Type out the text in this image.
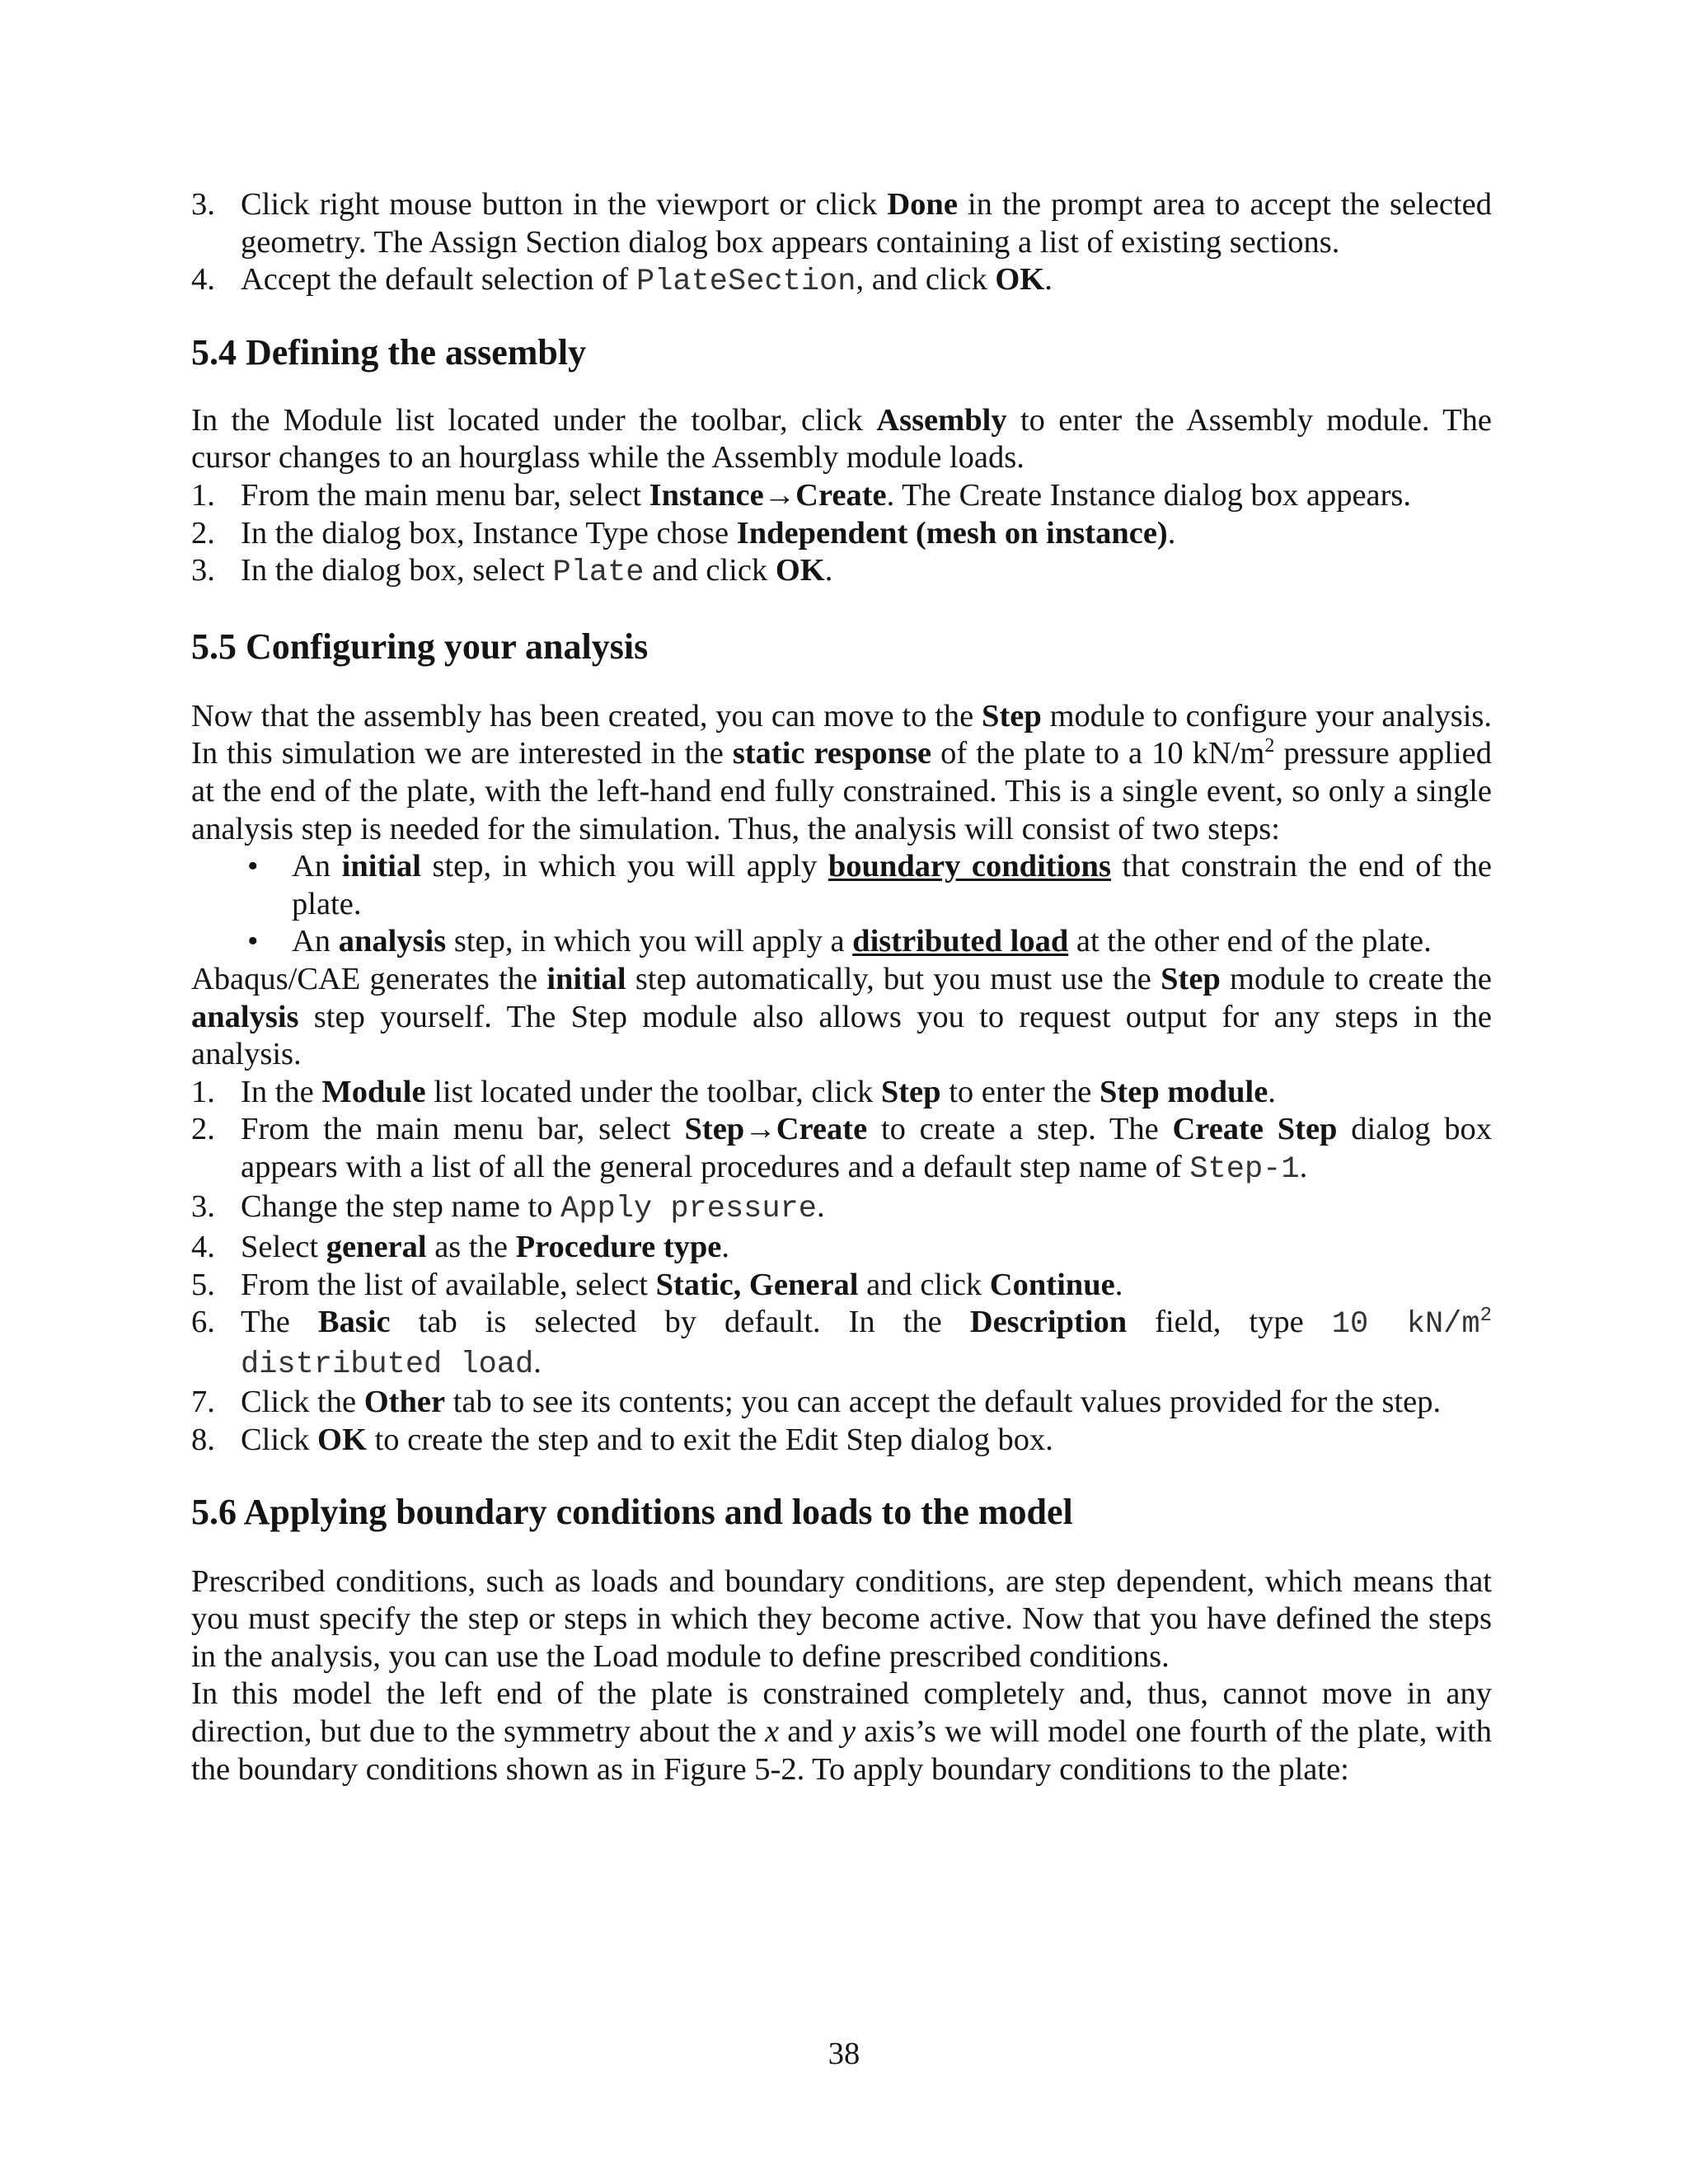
3. Click right mouse button in the viewport or click Done in the prompt area to accept the selected geometry. The Assign Section dialog box appears containing a list of existing sections.
4. Accept the default selection of PlateSection, and click OK.
5.4 Defining the assembly
In the Module list located under the toolbar, click Assembly to enter the Assembly module. The cursor changes to an hourglass while the Assembly module loads.
1. From the main menu bar, select Instance→Create. The Create Instance dialog box appears.
2. In the dialog box, Instance Type chose Independent (mesh on instance).
3. In the dialog box, select Plate and click OK.
5.5 Configuring your analysis
Now that the assembly has been created, you can move to the Step module to configure your analysis. In this simulation we are interested in the static response of the plate to a 10 $kN/m^2$ pressure applied at the end of the plate, with the left-hand end fully constrained. This is a single event, so only a single analysis step is needed for the simulation. Thus, the analysis will consist of two steps:
• An initial step, in which you will apply boundary conditions that constrain the end of the plate.
• An analysis step, in which you will apply a distributed load at the other end of the plate.
Abaqus/CAE generates the initial step automatically, but you must use the Step module to create the analysis step yourself. The Step module also allows you to request output for any steps in the analysis.
1. In the Module list located under the toolbar, click Step to enter the Step module.
2. From the main menu bar, select Step→Create to create a step. The Create Step dialog box appears with a list of all the general procedures and a default step name of Step-1.
3. Change the step name to Apply pressure.
4. Select general as the Procedure type.
5. From the list of available, select Static, General and click Continue.
6. The Basic tab is selected by default. In the Description field, type 10 $kN/m^2$
distributed load.
7. Click the Other tab to see its contents; you can accept the default values provided for the step.
8. Click OK to create the step and to exit the Edit Step dialog box.
5.6 Applying boundary conditions and loads to the model
Prescribed conditions, such as loads and boundary conditions, are step dependent, which means that you must specify the step or steps in which they become active. Now that you have defined the steps in the analysis, you can use the Load module to define prescribed conditions.
In this model the left end of the plate is constrained completely and, thus, cannot move in any direction, but due to the symmetry about the x and y axis’s we will model one fourth of the plate, with the boundary conditions shown as in Figure 5-2. To apply boundary conditions to the plate:
38
